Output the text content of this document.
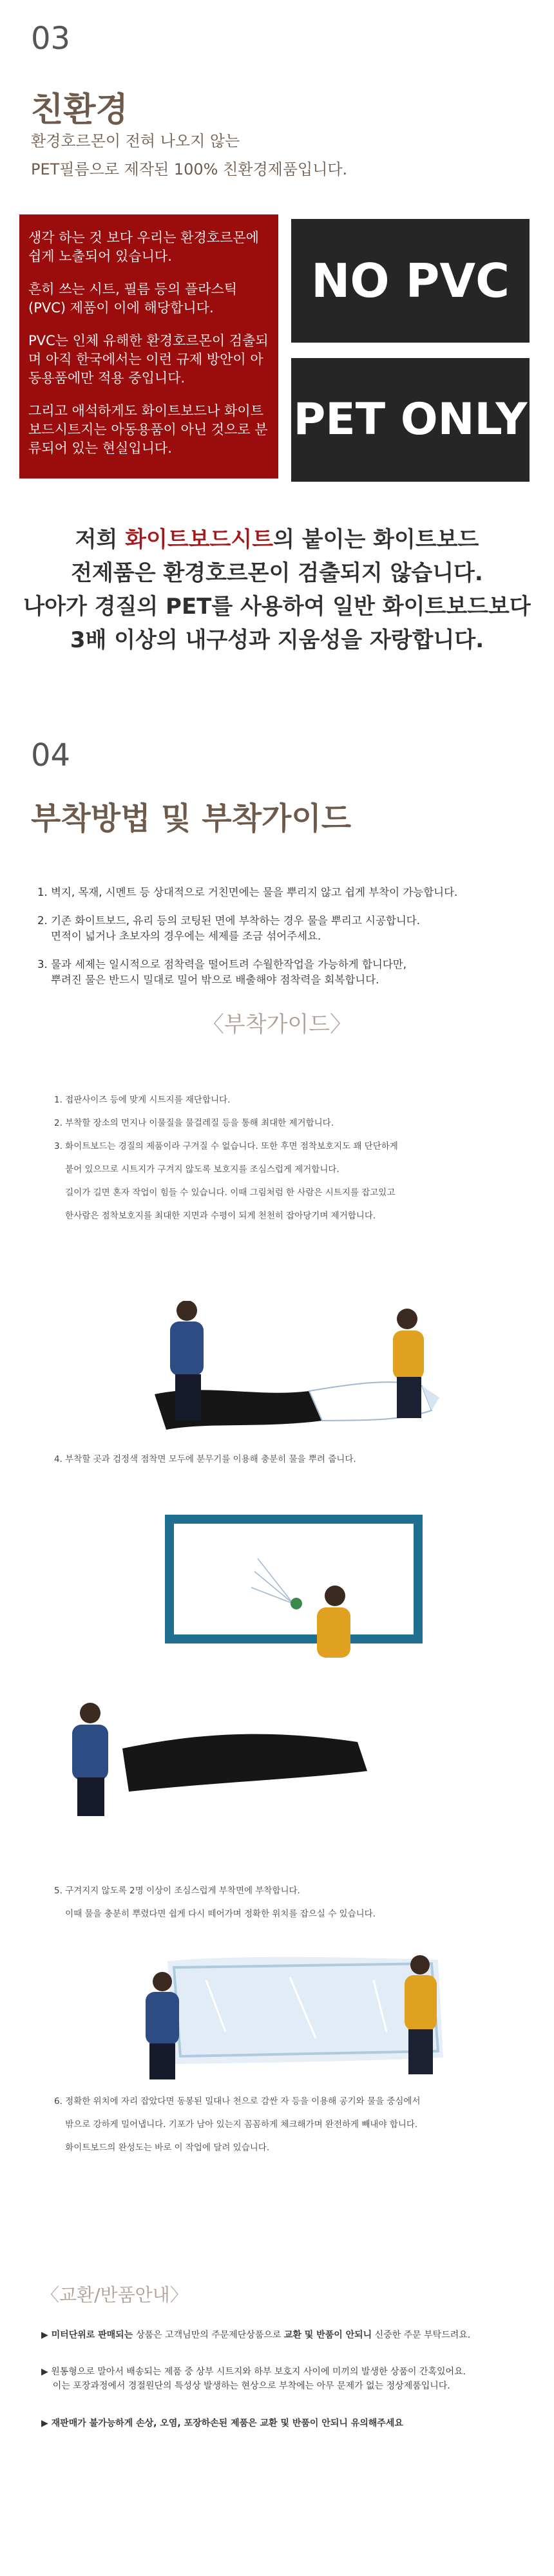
03
친환경
환경호르몬이 전혀 나오지 않는
PET필름으로 제작된 100% 친환경제품입니다.

생각 하는 것 보다 우리는 환경호르몬에 쉽게 노출되어 있습니다.

흔히 쓰는 시트, 필름 등의 플라스틱 (PVC) 제품이 이에 해당합니다.

PVC는 인체 유해한 환경호르몬이 검출되며 아직 한국에서는 이런 규제 방안이 아동용품에만 적용 중입니다.

그리고 애석하게도 화이트보드나 화이트보드시트지는 아동용품이 아닌 것으로 분류되어 있는 현실입니다.

NO PVC
PET ONLY
저희 화이트보드시트의 붙이는 화이트보드
전제품은 환경호르몬이 검출되지 않습니다.
나아가 경질의 PET를 사용하여 일반 화이트보드보다
3배 이상의 내구성과 지움성을 자랑합니다.
04
부착방법 및 부착가이드
1. 벽지, 목재, 시멘트 등 상대적으로 거친면에는 물을 뿌리지 않고 쉽게 부착이 가능합니다.
2. 기존 화이트보드, 유리 등의 코팅된 면에 부착하는 경우 물을 뿌리고 시공합니다.
면적이 넓거나 초보자의 경우에는 세제를 조금 섞어주세요.
3. 물과 세제는 일시적으로 점착력을 떨어트려 수월한작업을 가능하게 합니다만,
뿌려진 물은 반드시 밀대로 밀어 밖으로 배출해야 점착력을 회복합니다.
〈부착가이드〉
1. 접판사이즈 등에 맞게 시트지를 재단합니다.
2. 부착할 장소의 먼지나 이물질을 물걸레질 등을 통해 최대한 제거합니다.
3. 화이트보드는 경질의 제품이라 구겨질 수 없습니다. 또한 후면 점착보호지도 꽤 단단하게
붙어 있으므로 시트지가 구겨지 않도록 보호지를 조심스럽게 제거합니다.
길이가 길면 혼자 작업이 힘들 수 있습니다. 이때 그림처럼 한 사람은 시트지를 잡고있고
한사람은 점착보호지를 최대한 지면과 수평이 되게 천천히 잡아당기며 제거합니다.
4. 부착할 곳과 검정색 점착면 모두에 분무기를 이용해 충분히 물을 뿌려 줍니다.
5. 구겨지지 않도록 2명 이상이 조심스럽게 부착면에 부착합니다.
이때 물을 충분히 뿌렸다면 쉽게 다시 떼어가며 정확한 위치를 잡으실 수 있습니다.
6. 정확한 위치에 자리 잡았다면 동봉된 밀대나 천으로 감싼 자 등을 이용해 공기와 물을 중심에서
밖으로 강하게 밀어냅니다. 기포가 남아 있는지 꼼꼼하게 체크해가며 완전하게 빼내야 합니다.
화이트보드의 완성도는 바로 이 작업에 달려 있습니다.
〈교환/반품안내〉
▶ 미터단위로 판매되는 상품은 고객님만의 주문제단상품으로 교환 및 반품이 안되니 신중한 주문 부탁드려요.
▶ 원통형으로 말아서 배송되는 제품 중 상부 시트지와 하부 보호지 사이에 미끼의 발생한 상품이 간혹있어요.
이는 포장과정에서 경절원단의 특성상 발생하는 현상으로 부착에는 아무 문제가 없는 정상제품입니다.
▶ 재판매가 불가능하게 손상, 오염, 포장하손된 제품은 교환 및 반품이 안되니 유의해주세요
